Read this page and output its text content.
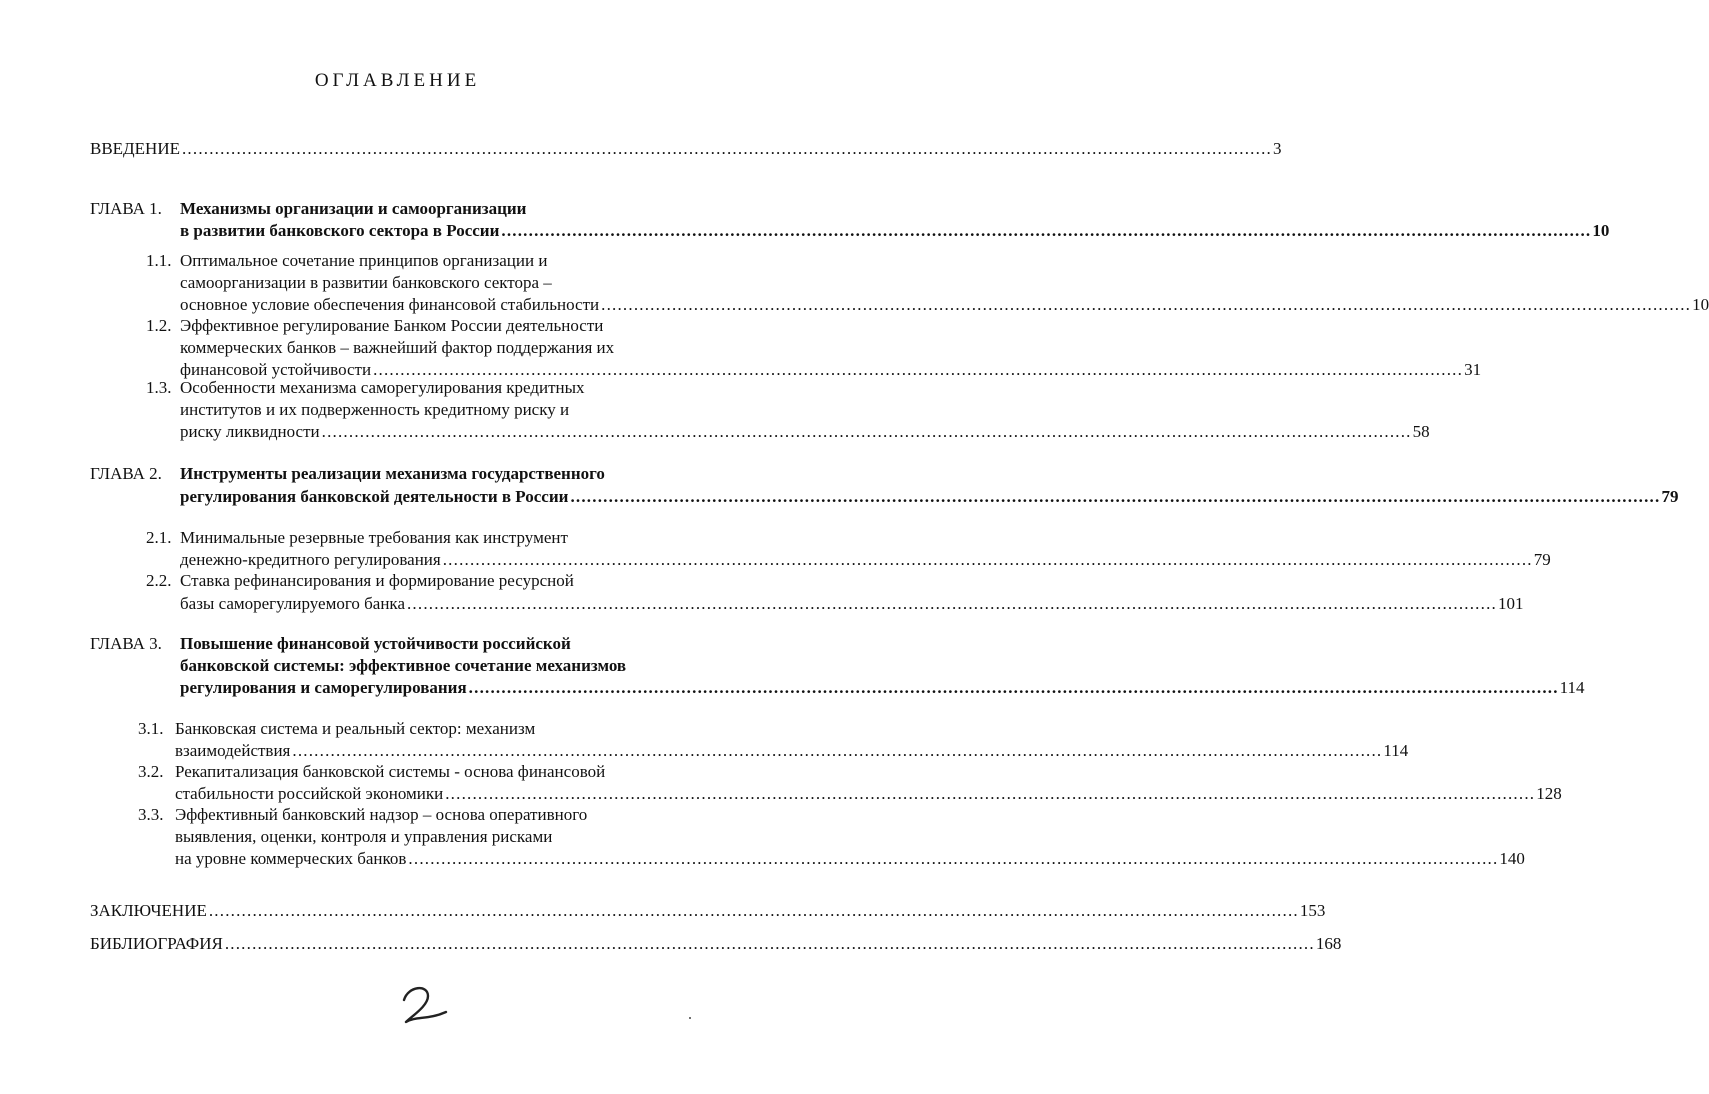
ОГЛАВЛЕНИЕ
ВВЕДЕНИЕ ........................................................................................................................................................................................................ 3
ГЛАВА 1. Механизмы организации и самоорганизации
в развитии банковского сектора в России ........................................................................................................................................................................................................ 10
1.1. Оптимальное сочетание принципов организации и
самоорганизации в развитии банковского сектора –
основное условие обеспечения финансовой стабильности ........................................................................................................................................................................................................ 10
1.2. Эффективное регулирование Банком России деятельности
коммерческих банков – важнейший фактор поддержания их
финансовой устойчивости ........................................................................................................................................................................................................ 31
1.3. Особенности механизма саморегулирования кредитных
институтов и их подверженность кредитному риску и
риску ликвидности ........................................................................................................................................................................................................ 58
ГЛАВА 2. Инструменты реализации механизма государственного
регулирования банковской деятельности в России ........................................................................................................................................................................................................ 79
2.1. Минимальные резервные требования как инструмент
денежно-кредитного регулирования ........................................................................................................................................................................................................ 79
2.2. Ставка рефинансирования и формирование ресурсной
базы саморегулируемого банка ........................................................................................................................................................................................................ 101
ГЛАВА 3. Повышение финансовой устойчивости российской
банковской системы: эффективное сочетание механизмов
регулирования и саморегулирования ........................................................................................................................................................................................................ 114
3.1. Банковская система и реальный сектор: механизм
взаимодействия ........................................................................................................................................................................................................ 114
3.2. Рекапитализация банковской системы - основа финансовой
стабильности российской экономики ........................................................................................................................................................................................................ 128
3.3. Эффективный банковский надзор – основа оперативного
выявления, оценки, контроля и управления рисками
на уровне коммерческих банков ........................................................................................................................................................................................................ 140
ЗАКЛЮЧЕНИЕ ........................................................................................................................................................................................................ 153
БИБЛИОГРАФИЯ ........................................................................................................................................................................................................ 168
